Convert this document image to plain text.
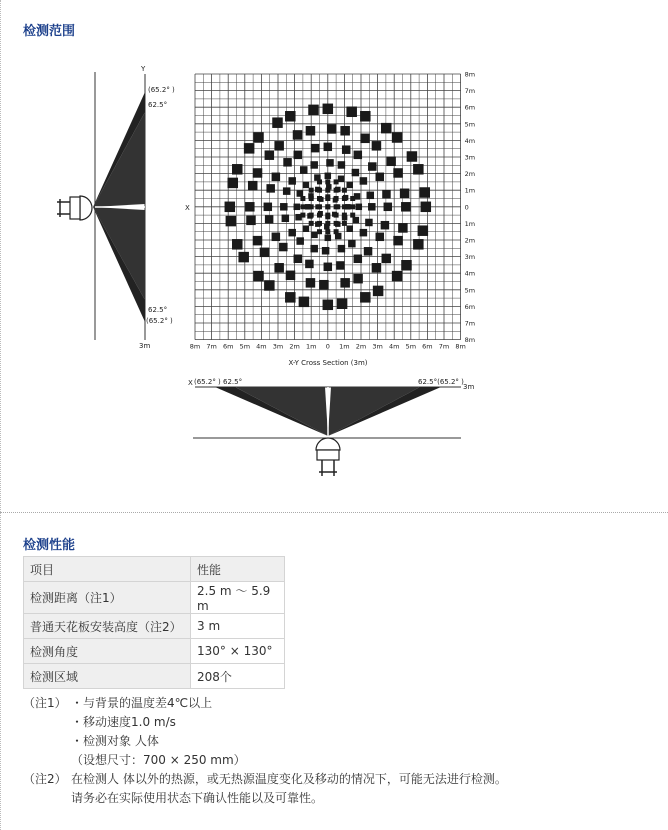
检测范围
Y
(65.2° )
62.5°
62.5°
(65.2° )
3m
X
8m
7m
6m
5m
4m
3m
2m
1m
0
1m
2m
3m
4m
5m
6m
7m
8m
8m 7m 6m 5m 4m 3m 2m 1m 0 1m 2m 3m 4m 5m 6m 7m 8m
X-Y Cross Section (3m)
X (65.2° ) 62.5°	62.5°(65.2° )
3m
检测性能
项目	性能
检测距离（注1）	2.5 m ～ 5.9 m
普通天花板安装高度（注2）	3 m
检测角度	130° × 130°
检测区域	208个
（注1） ・与背景的温度差4℃以上
・移动速度1.0 m/s
・检测对象 人体
（设想尺寸：700 × 250 mm）
（注2） 在检测人 体以外的热源，或无热源温度变化及移动的情况下，可能无法进行检测。
请务必在实际使用状态下确认性能以及可靠性。
